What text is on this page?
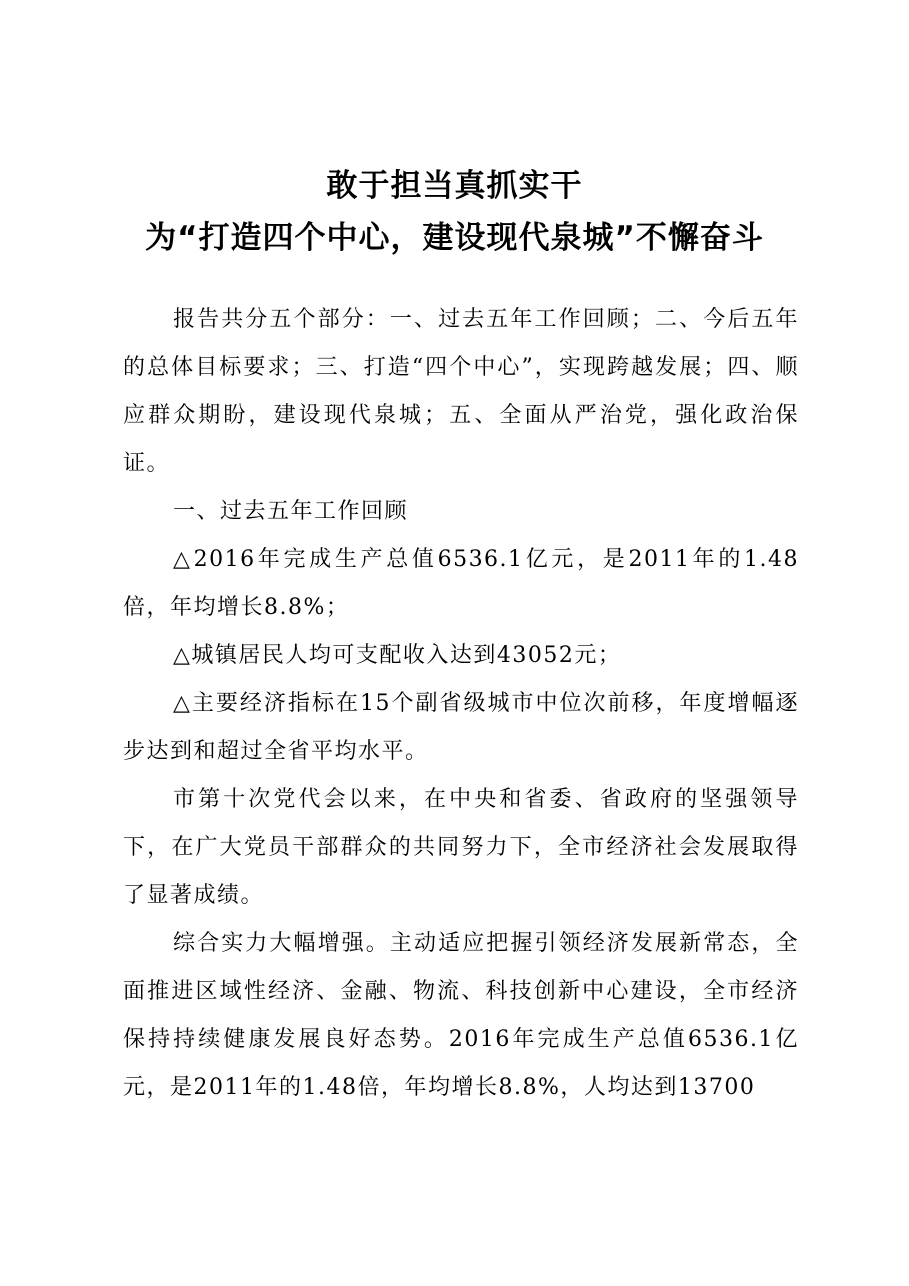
敢于担当真抓实干
为“打造四个中心，建设现代泉城”不懈奋斗

报告共分五个部分：一、过去五年工作回顾；二、今后五年的总体目标要求；三、打造“四个中心”，实现跨越发展；四、顺应群众期盼，建设现代泉城；五、全面从严治党，强化政治保证。

一、过去五年工作回顾

△2016年完成生产总值6536.1亿元，是2011年的1.48倍，年均增长8.8%；

△城镇居民人均可支配收入达到43052元；

△主要经济指标在15个副省级城市中位次前移，年度增幅逐步达到和超过全省平均水平。

市第十次党代会以来，在中央和省委、省政府的坚强领导下，在广大党员干部群众的共同努力下，全市经济社会发展取得了显著成绩。

综合实力大幅增强。主动适应把握引领经济发展新常态，全面推进区域性经济、金融、物流、科技创新中心建设，全市经济保持持续健康发展良好态势。2016年完成生产总值6536.1亿元，是2011年的1.48倍，年均增长8.8%，人均达到13700
